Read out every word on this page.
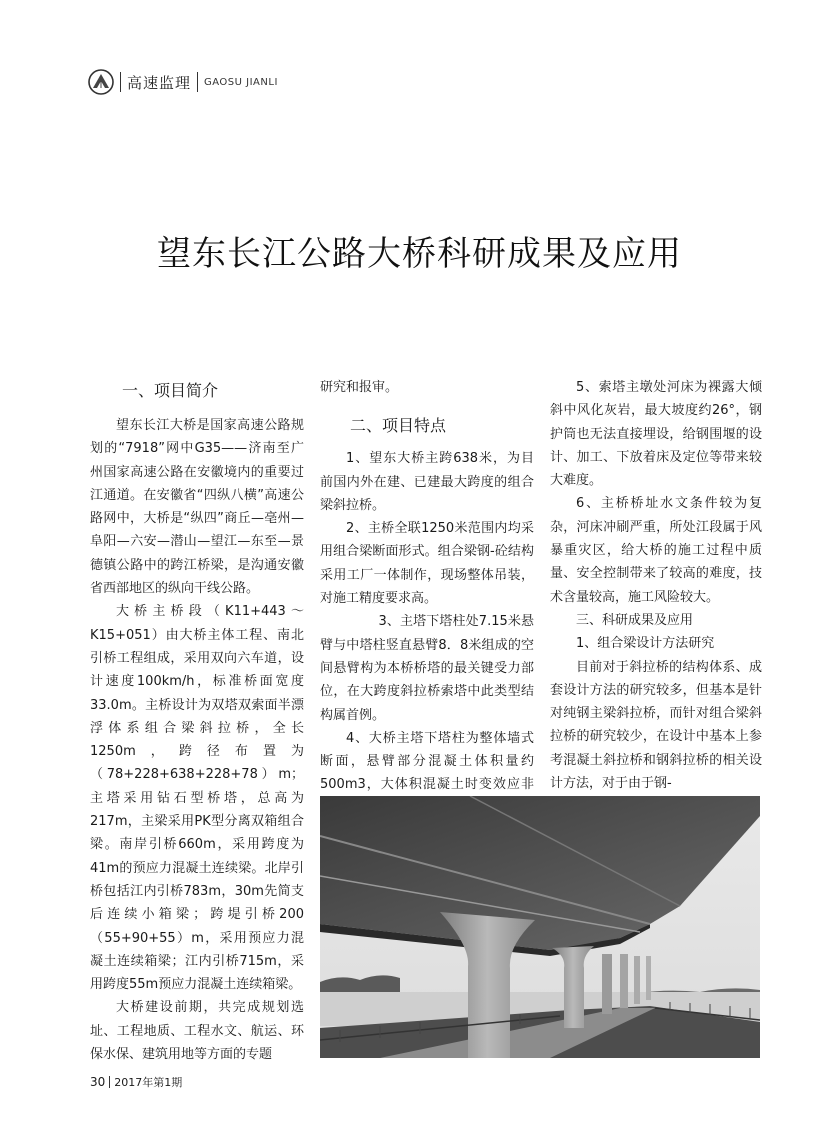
高速监理 GAOSU JIANLI
望东长江公路大桥科研成果及应用
一、项目简介

望东长江大桥是国家高速公路规划的“7918”网中G35——济南至广州国家高速公路在安徽境内的重要过江通道。在安徽省“四纵八横”高速公路网中，大桥是“纵四”商丘—亳州—阜阳—六安—潜山—望江—东至—景德镇公路中的跨江桥梁，是沟通安徽省西部地区的纵向干线公路。

大桥主桥段（K11+443～K15+051）由大桥主体工程、南北引桥工程组成，采用双向六车道，设计速度100km/h，标准桥面宽度33.0m。主桥设计为双塔双索面半漂浮体系组合梁斜拉桥，全长1250m，跨径布置为（78+228+638+228+78）m；主塔采用钻石型桥塔，总高为217m，主梁采用PK型分离双箱组合梁。南岸引桥660m，采用跨度为41m的预应力混凝土连续梁。北岸引桥包括江内引桥783m，30m先简支后连续小箱梁；跨堤引桥200（55+90+55）m，采用预应力混凝土连续箱梁；江内引桥715m，采用跨度55m预应力混凝土连续箱梁。

大桥建设前期，共完成规划选址、工程地质、工程水文、航运、环保水保、建筑用地等方面的专题

研究和报审。

二、项目特点

1、望东大桥主跨638米，为目前国内外在建、已建最大跨度的组合梁斜拉桥。

2、主桥全联1250米范围内均采用组合梁断面形式。组合梁钢-砼结构采用工厂一体制作，现场整体吊装，对施工精度要求高。

3、主塔下塔柱处7.15米悬臂与中塔柱竖直悬臂8．8米组成的空间悬臂构为本桥桥塔的最关键受力部位，在大跨度斜拉桥索塔中此类型结构属首例。

4、大桥主塔下塔柱为整体墙式断面，悬臂部分混凝土体积量约500m3，大体积混凝土时变效应非

5、索塔主墩处河床为裸露大倾斜中风化灰岩，最大坡度约26°，钢护筒也无法直接埋设，给钢围堰的设计、加工、下放着床及定位等带来较大难度。

6、主桥桥址水文条件较为复杂，河床冲刷严重，所处江段属于风暴重灾区，给大桥的施工过程中质量、安全控制带来了较高的难度，技术含量较高，施工风险较大。

三、科研成果及应用
1、组合梁设计方法研究

目前对于斜拉桥的结构体系、成套设计方法的研究较多，但基本是针对纯钢主梁斜拉桥，而针对组合梁斜拉桥的研究较少，在设计中基本上参考混凝土斜拉桥和钢斜拉桥的相关设计方法，对于由于钢-

30 2017年第1期
